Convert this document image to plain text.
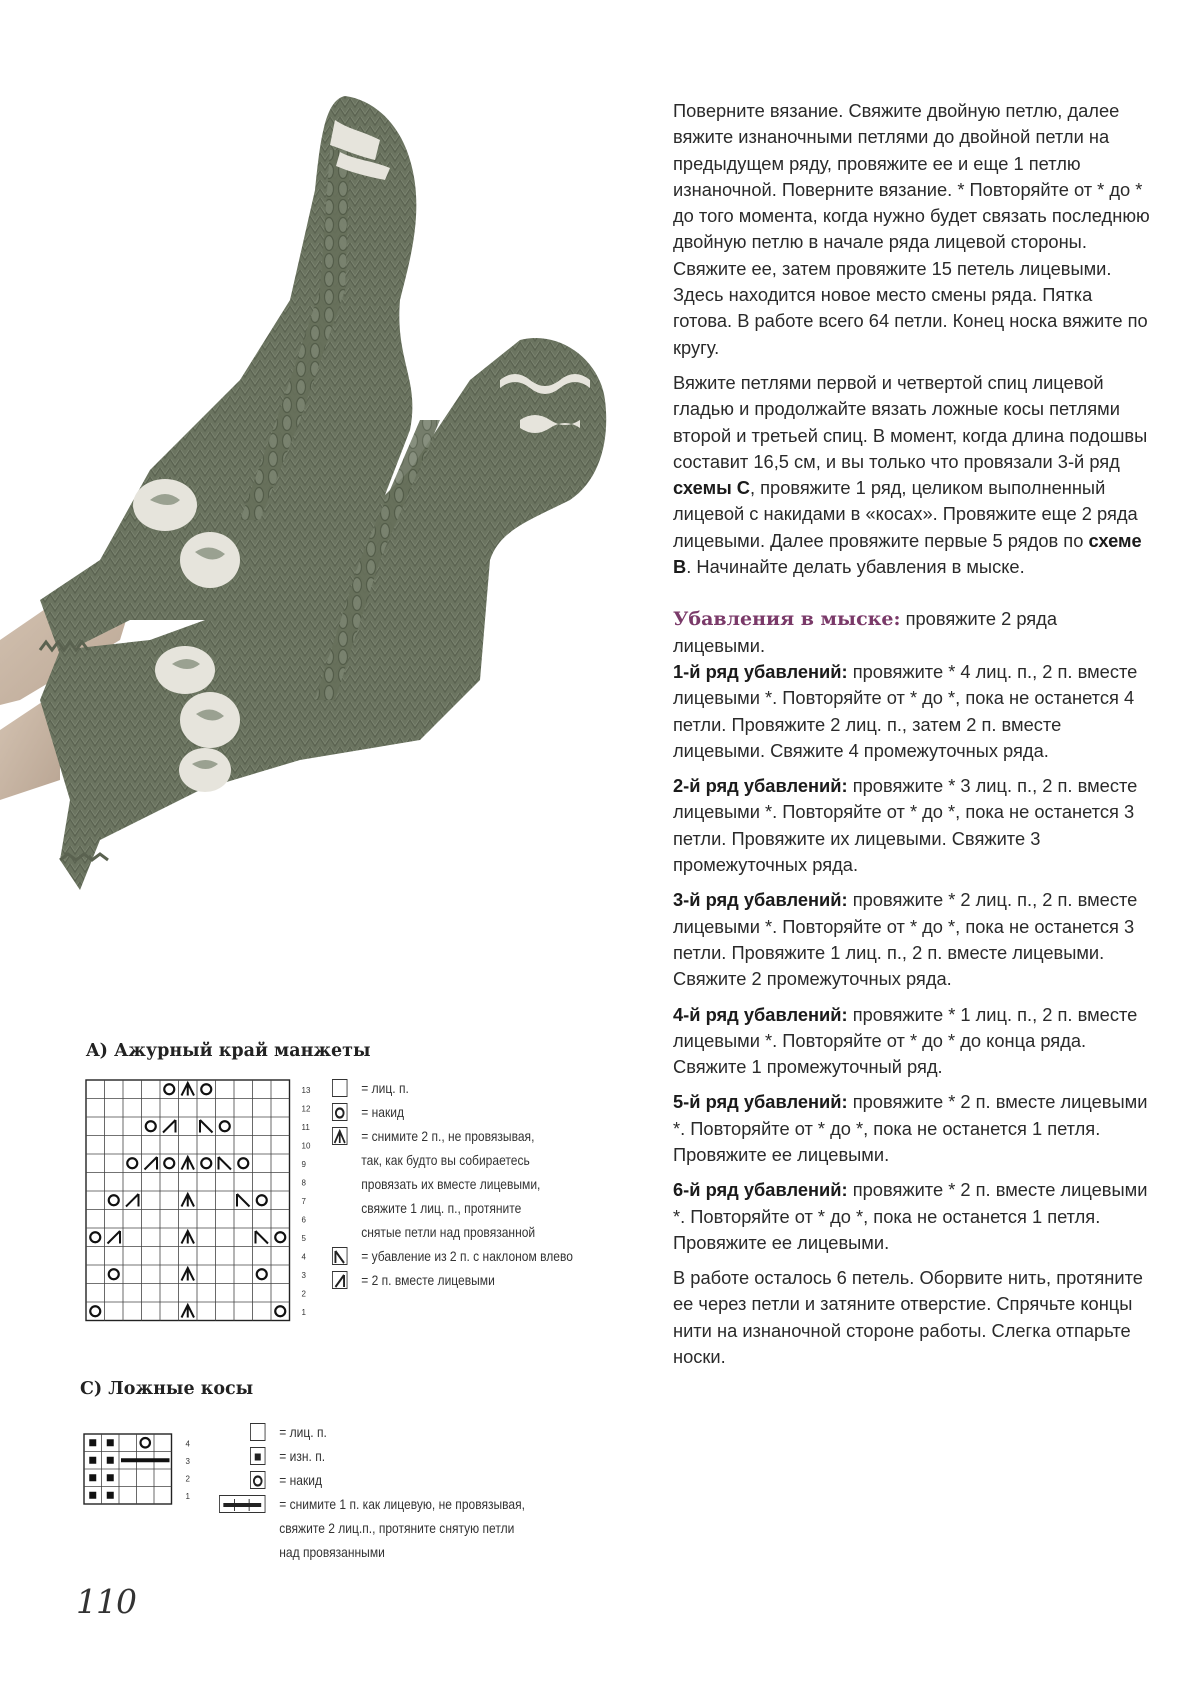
Поверните вязание. Свяжите двойную петлю, далее вяжите изнаночными петлями до двойной петли на предыдущем ряду, провяжите ее и еще 1 петлю изнаночной. Поверните вязание. * Повторяйте от * до * до того момента, когда нужно будет связать последнюю двойную петлю в начале ряда лицевой стороны. Свяжите ее, затем провяжите 15 петель лицевыми. Здесь находится новое место смены ряда. Пятка готова. В работе всего 64 петли. Конец носка вяжите по кругу.

Вяжите петлями первой и четвертой спиц лицевой гладью и продолжайте вязать ложные косы петлями второй и третьей спиц. В момент, когда длина подошвы составит 16,5 см, и вы только что провязали 3-й ряд схемы С, провяжите 1 ряд, целиком выполненный лицевой с накидами в «косах». Провяжите еще 2 ряда лицевыми. Далее провяжите первые 5 рядов по схеме В. Начинайте делать убавления в мыске.

Убавления в мыске: провяжите 2 ряда лицевыми.

1-й ряд убавлений: провяжите * 4 лиц. п., 2 п. вместе лицевыми *. Повторяйте от * до *, пока не останется 4 петли. Провяжите 2 лиц. п., затем 2 п. вместе лицевыми. Свяжите 4 промежуточных ряда.

2-й ряд убавлений: провяжите * 3 лиц. п., 2 п. вместе лицевыми *. Повторяйте от * до *, пока не останется 3 петли. Провяжите их лицевыми. Свяжите 3 промежуточных ряда.

3-й ряд убавлений: провяжите * 2 лиц. п., 2 п. вместе лицевыми *. Повторяйте от * до *, пока не останется 3 петли. Провяжите 1 лиц. п., 2 п. вместе лицевыми. Свяжите 2 промежуточных ряда.

4-й ряд убавлений: провяжите * 1 лиц. п., 2 п. вместе лицевыми *. Повторяйте от * до * до конца ряда. Свяжите 1 промежуточный ряд.

5-й ряд убавлений: провяжите * 2 п. вместе лицевыми *. Повторяйте от * до *, пока не останется 1 петля. Провяжите ее лицевыми.

6-й ряд убавлений: провяжите * 2 п. вместе лицевыми *. Повторяйте от * до *, пока не останется 1 петля. Провяжите ее лицевыми.

В работе осталось 6 петель. Оборвите нить, протяните ее через петли и затяните отверстие. Спрячьте концы нити на изнаночной стороне работы. Слегка отпарьте носки.

A) Ажурный край манжеты
13
12
11
10
9
8
7
6
5
4
3
2
1
= лиц. п.
= накид
= снимите 2 п., не провязывая,
так, как будто вы собираетесь
провязать их вместе лицевыми,
свяжите 1 лиц. п., протяните
снятые петли над провязанной
= убавление из 2 п. с наклоном влево
= 2 п. вместе лицевыми
C) Ложные косы
4
3
2
1
= лиц. п.
= изн. п.
= накид
= снимите 1 п. как лицевую, не провязывая,
свяжите 2 лиц.п., протяните снятую петли
над провязанными
110
